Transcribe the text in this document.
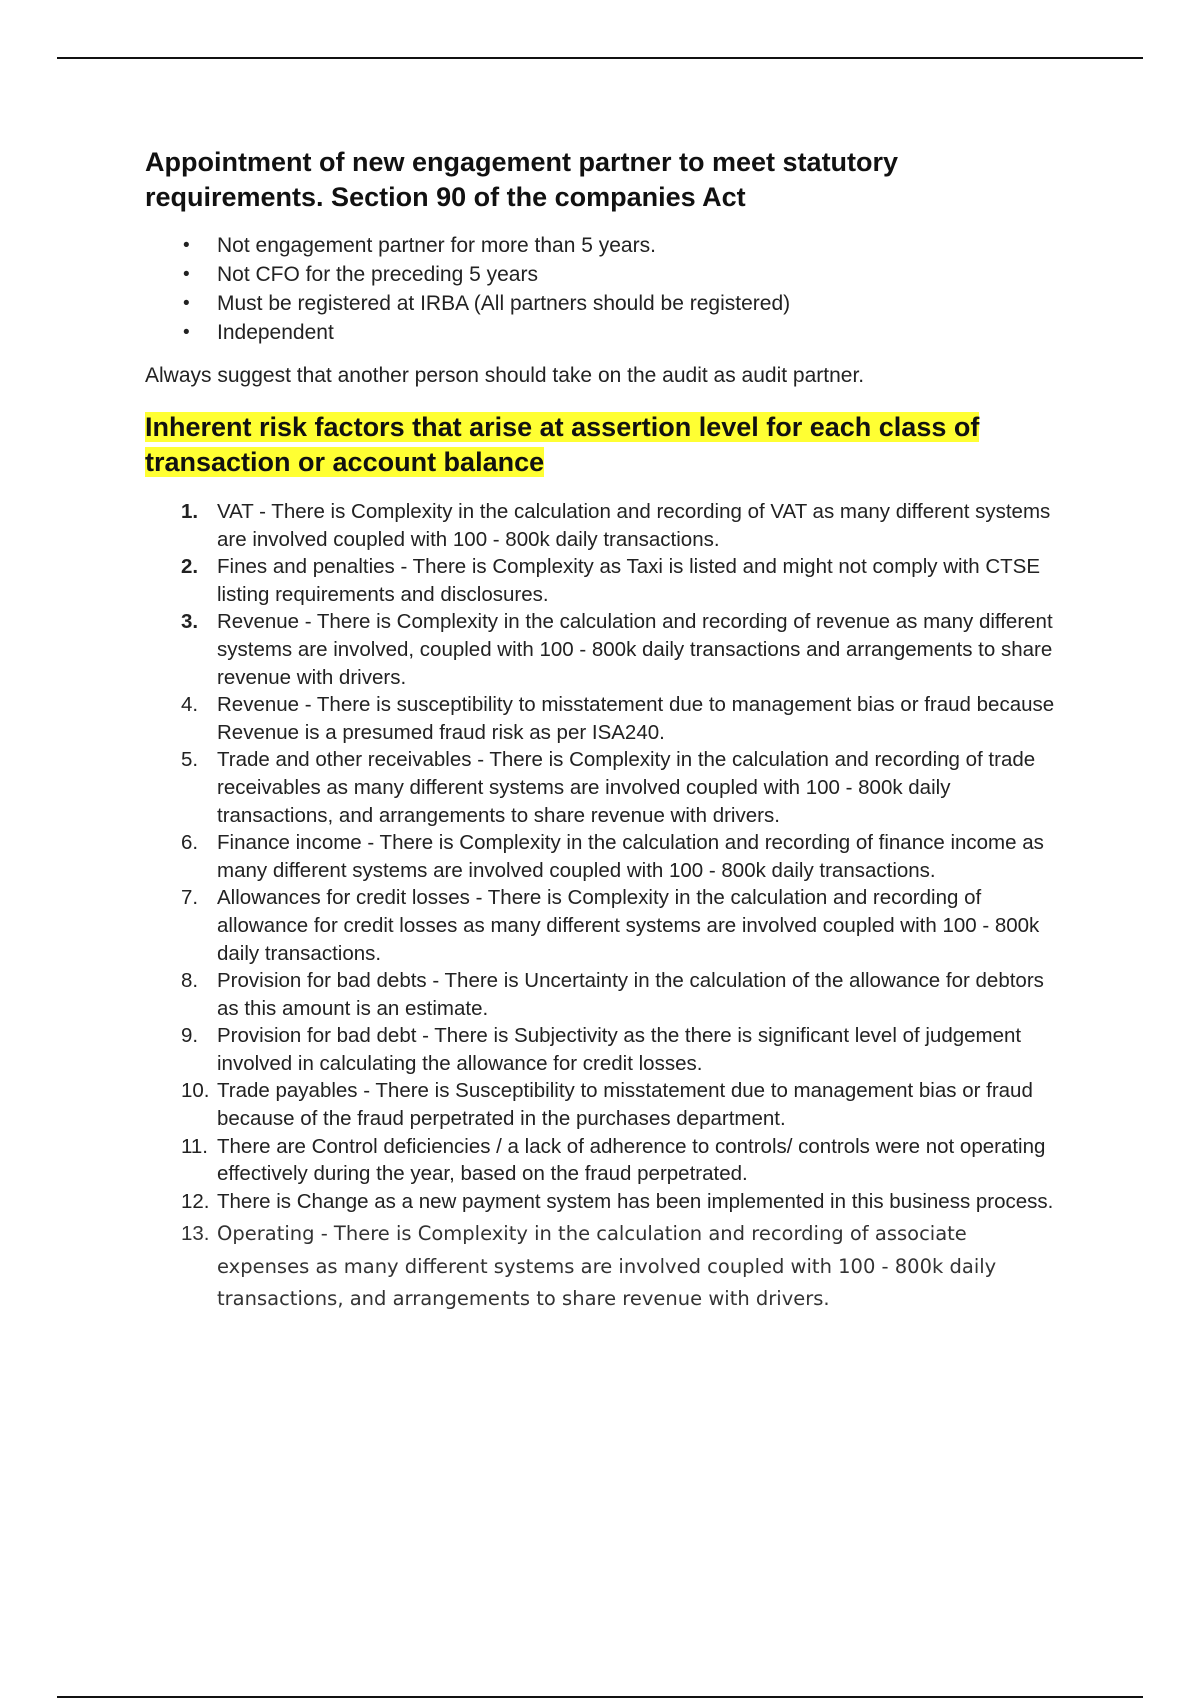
Appointment of new engagement partner to meet statutory requirements. Section 90 of the companies Act
• Not engagement partner for more than 5 years.
• Not CFO for the preceding 5 years
• Must be registered at IRBA (All partners should be registered)
• Independent

Always suggest that another person should take on the audit as audit partner.

Inherent risk factors that arise at assertion level for each class of transaction or account balance
1. VAT - There is Complexity in the calculation and recording of VAT as many different systems are involved coupled with 100 - 800k daily transactions.
2. Fines and penalties - There is Complexity as Taxi is listed and might not comply with CTSE listing requirements and disclosures.
3. Revenue - There is Complexity in the calculation and recording of revenue as many different systems are involved, coupled with 100 - 800k daily transactions and arrangements to share revenue with drivers.
4. Revenue - There is susceptibility to misstatement due to management bias or fraud because Revenue is a presumed fraud risk as per ISA240.
5. Trade and other receivables - There is Complexity in the calculation and recording of trade receivables as many different systems are involved coupled with 100 - 800k daily transactions, and arrangements to share revenue with drivers.
6. Finance income - There is Complexity in the calculation and recording of finance income as many different systems are involved coupled with 100 - 800k daily transactions.
7. Allowances for credit losses - There is Complexity in the calculation and recording of allowance for credit losses as many different systems are involved coupled with 100 - 800k daily transactions.
8. Provision for bad debts - There is Uncertainty in the calculation of the allowance for debtors as this amount is an estimate.
9. Provision for bad debt - There is Subjectivity as the there is significant level of judgement involved in calculating the allowance for credit losses.
10. Trade payables - There is Susceptibility to misstatement due to management bias or fraud because of the fraud perpetrated in the purchases department.
11. There are Control deficiencies / a lack of adherence to controls/ controls were not operating effectively during the year, based on the fraud perpetrated.
12. There is Change as a new payment system has been implemented in this business process.
13. Operating - There is Complexity in the calculation and recording of associate expenses as many different systems are involved coupled with 100 - 800k daily transactions, and arrangements to share revenue with drivers.
